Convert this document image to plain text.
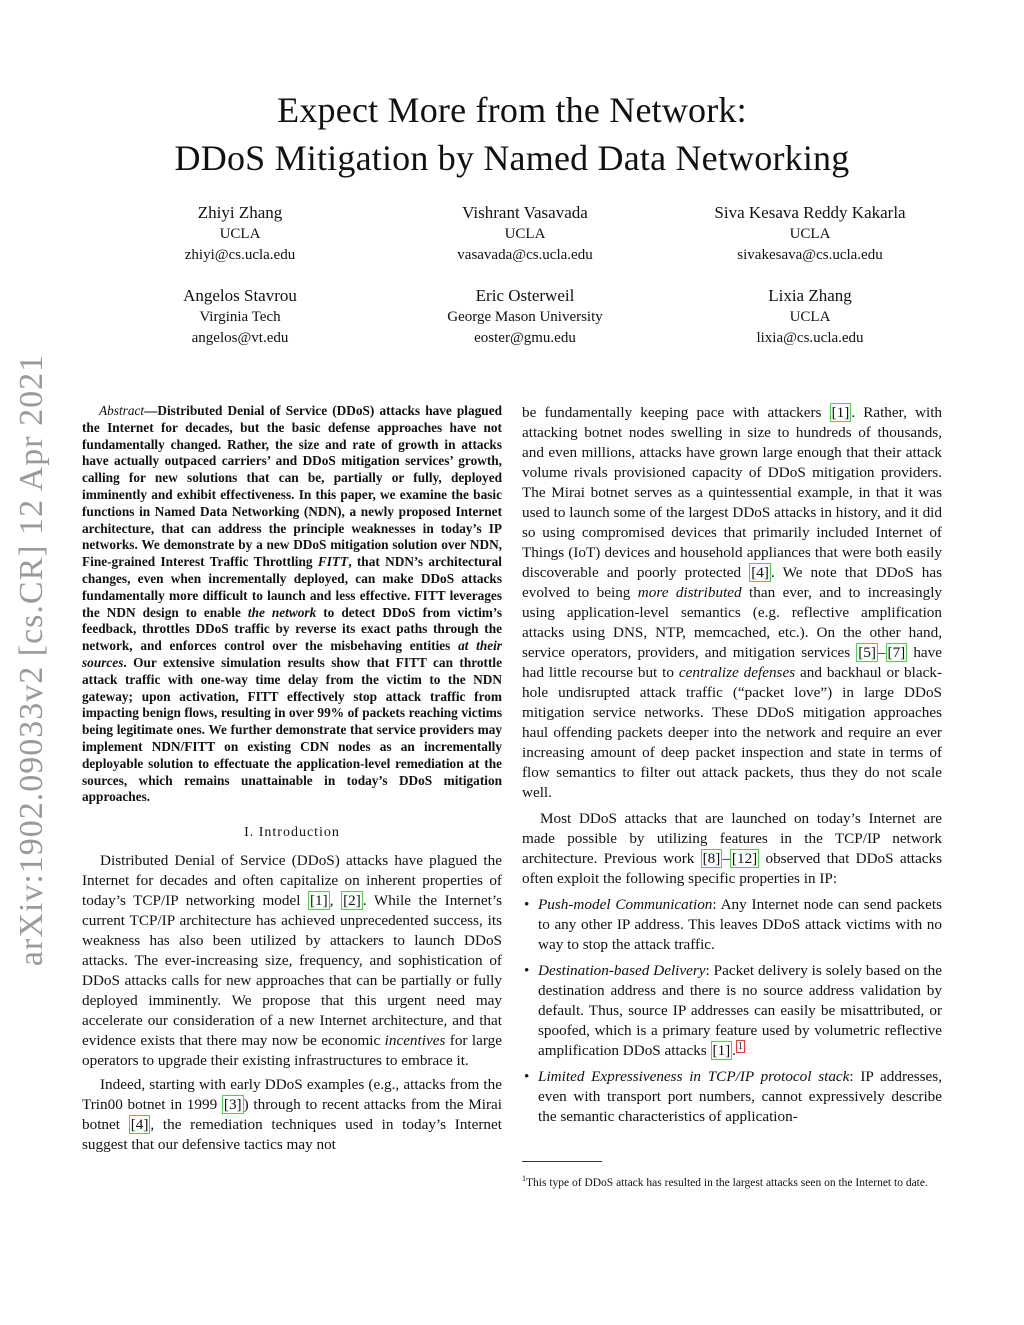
arXiv:1902.09033v2 [cs.CR] 12 Apr 2021
Expect More from the Network:
DDoS Mitigation by Named Data Networking
Zhiyi Zhang
UCLA
zhiyi@cs.ucla.edu
Vishrant Vasavada
UCLA
vasavada@cs.ucla.edu
Siva Kesava Reddy Kakarla
UCLA
sivakesava@cs.ucla.edu
Angelos Stavrou
Virginia Tech
angelos@vt.edu
Eric Osterweil
George Mason University
eoster@gmu.edu
Lixia Zhang
UCLA
lixia@cs.ucla.edu

Abstract—Distributed Denial of Service (DDoS) attacks have plagued the Internet for decades, but the basic defense approaches have not fundamentally changed. Rather, the size and rate of growth in attacks have actually outpaced carriers’ and DDoS mitigation services’ growth, calling for new solutions that can be, partially or fully, deployed imminently and exhibit effectiveness. In this paper, we examine the basic functions in Named Data Networking (NDN), a newly proposed Internet architecture, that can address the principle weaknesses in today’s IP networks. We demonstrate by a new DDoS mitigation solution over NDN, Fine-grained Interest Traffic Throttling FITT, that NDN’s architectural changes, even when incrementally deployed, can make DDoS attacks fundamentally more difficult to launch and less effective. FITT leverages the NDN design to enable the network to detect DDoS from victim’s feedback, throttles DDoS traffic by reverse its exact paths through the network, and enforces control over the misbehaving entities at their sources. Our extensive simulation results show that FITT can throttle attack traffic with one-way time delay from the victim to the NDN gateway; upon activation, FITT effectively stop attack traffic from impacting benign flows, resulting in over 99% of packets reaching victims being legitimate ones. We further demonstrate that service providers may implement NDN/FITT on existing CDN nodes as an incrementally deployable solution to effectuate the application-level remediation at the sources, which remains unattainable in today’s DDoS mitigation approaches.

I. Introduction

Distributed Denial of Service (DDoS) attacks have plagued the Internet for decades and often capitalize on inherent properties of today’s TCP/IP networking model [1] , [2] . While the Internet’s current TCP/IP architecture has achieved unprecedented success, its weakness has also been utilized by attackers to launch DDoS attacks. The ever-increasing size, frequency, and sophistication of DDoS attacks calls for new approaches that can be partially or fully deployed imminently. We propose that this urgent need may accelerate our consideration of a new Internet architecture, and that evidence exists that there may now be economic incentives for large operators to upgrade their existing infrastructures to embrace it.

Indeed, starting with early DDoS examples (e.g., attacks from the Trin00 botnet in 1999 [3] ) through to recent attacks from the Mirai botnet [4] , the remediation techniques used in today’s Internet suggest that our defensive tactics may not

be fundamentally keeping pace with attackers [1] . Rather, with attacking botnet nodes swelling in size to hundreds of thousands, and even millions, attacks have grown large enough that their attack volume rivals provisioned capacity of DDoS mitigation providers. The Mirai botnet serves as a quintessential example, in that it was used to launch some of the largest DDoS attacks in history, and it did so using compromised devices that primarily included Internet of Things (IoT) devices and household appliances that were both easily discoverable and poorly protected [4] . We note that DDoS has evolved to being more distributed than ever, and to increasingly using application-level semantics (e.g. reflective amplification attacks using DNS, NTP, memcached, etc.). On the other hand, service operators, providers, and mitigation services [5] – [7] have had little recourse but to centralize defenses and backhaul or black-hole undisrupted attack traffic (“packet love”) in large DDoS mitigation service networks. These DDoS mitigation approaches haul offending packets deeper into the network and require an ever increasing amount of deep packet inspection and state in terms of flow semantics to filter out attack packets, thus they do not scale well.

Most DDoS attacks that are launched on today’s Internet are made possible by utilizing features in the TCP/IP network architecture. Previous work [8] – [12] observed that DDoS attacks often exploit the following specific properties in IP:

• Push-model Communication: Any Internet node can send packets to any other IP address. This leaves DDoS attack victims with no way to stop the attack traffic.
• Destination-based Delivery: Packet delivery is solely based on the destination address and there is no source address validation by default. Thus, source IP addresses can easily be misattributed, or spoofed, which is a primary feature used by volumetric reflective amplification DDoS attacks [1] . $^1$
• Limited Expressiveness in TCP/IP protocol stack: IP addresses, even with transport port numbers, cannot expressively describe the semantic characteristics of application-
$^1$This type of DDoS attack has resulted in the largest attacks seen on the Internet to date.
